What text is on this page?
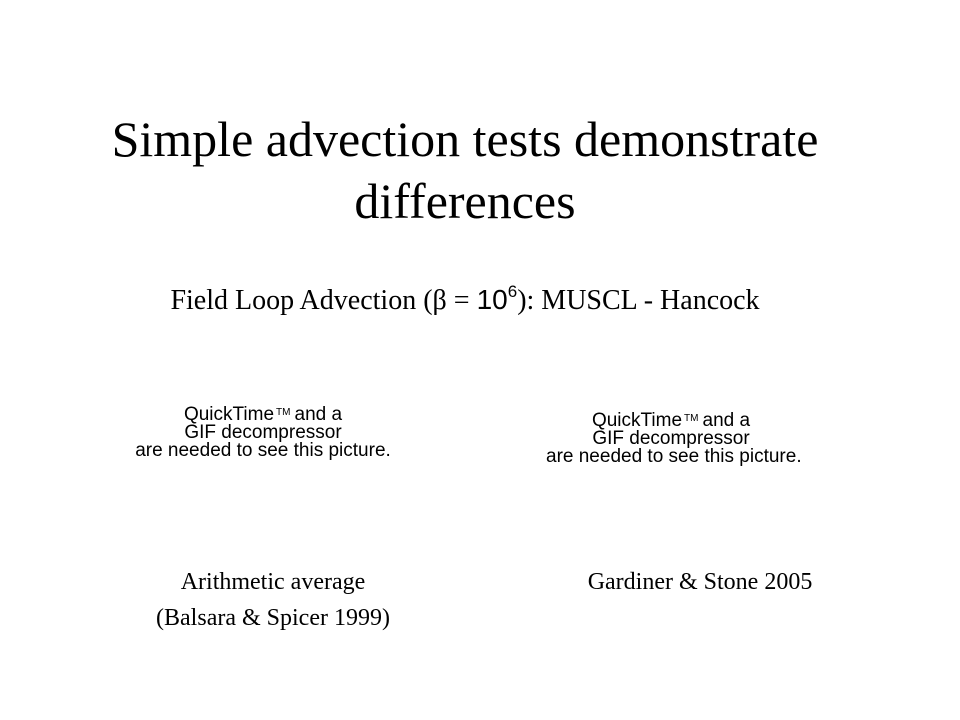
Simple advection tests demonstrate
differences
Field Loop Advection $(\beta = 10^6)$: MUSCL - Hancock
QuickTime ™ and a
GIF decompressor
are needed to see this picture.
QuickTime ™ and a
GIF decompressor
are needed to see this picture.
Arithmetic average
(Balsara & Spicer 1999)
Gardiner & Stone 2005
